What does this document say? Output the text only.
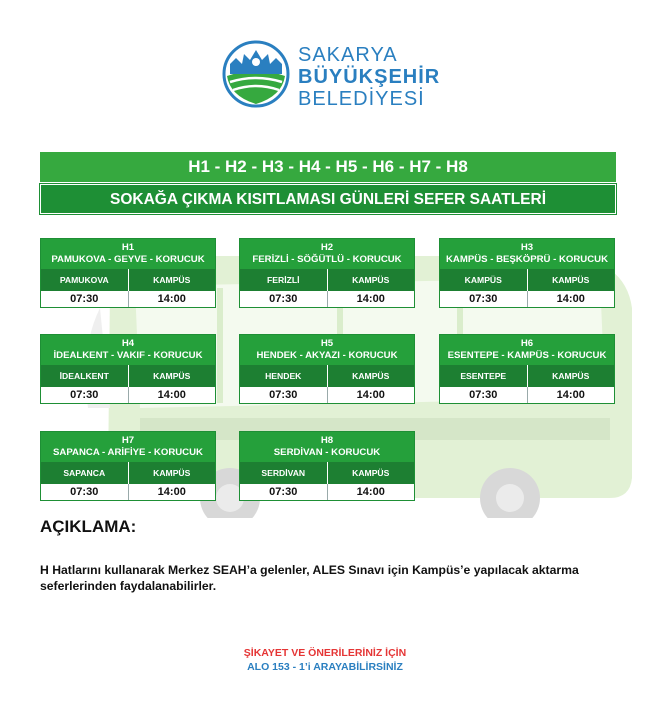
SAKARYA
BÜYÜKŞEHİR
BELEDİYESİ
H1 - H2 - H3 - H4 - H5 - H6 - H7 - H8
SOKAĞA ÇIKMA KISITLAMASI GÜNLERİ SEFER SAATLERİ
H1
PAMUKOVA - GEYVE - KORUCUK
PAMUKOVA	KAMPÜS
07:30	14:00
H2
FERİZLİ - SÖĞÜTLÜ - KORUCUK
FERİZLİ	KAMPÜS
07:30	14:00
H3
KAMPÜS - BEŞKÖPRÜ - KORUCUK
KAMPÜS	KAMPÜS
07:30	14:00
H4
İDEALKENT - VAKIF - KORUCUK
İDEALKENT	KAMPÜS
07:30	14:00
H5
HENDEK - AKYAZI - KORUCUK
HENDEK	KAMPÜS
07:30	14:00
H6
ESENTEPE - KAMPÜS - KORUCUK
ESENTEPE	KAMPÜS
07:30	14:00
H7
SAPANCA - ARİFİYE - KORUCUK
SAPANCA	KAMPÜS
07:30	14:00
H8
SERDİVAN - KORUCUK
SERDİVAN	KAMPÜS
07:30	14:00
AÇIKLAMA:
H Hatlarını kullanarak Merkez SEAH’a gelenler, ALES Sınavı için Kampüs’e yapılacak aktarma seferlerinden faydalanabilirler.
ŞİKAYET VE ÖNERİLERİNİZ İÇİN
ALO 153 - 1’i ARAYABİLİRSİNİZ
